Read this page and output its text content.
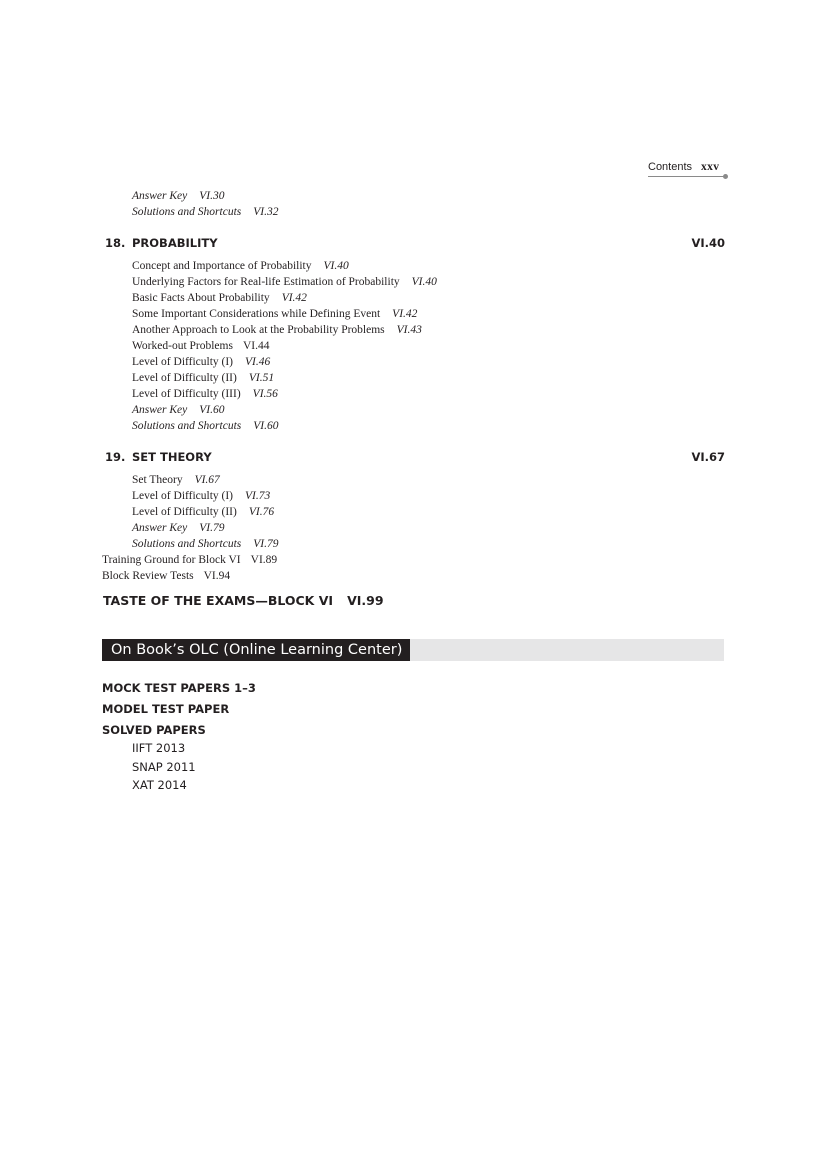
Contents xxv
Answer Key VI.30
Solutions and Shortcuts VI.32
18. PROBABILITY	VI.40
Concept and Importance of Probability VI.40
Underlying Factors for Real-life Estimation of Probability VI.40
Basic Facts About Probability VI.42
Some Important Considerations while Defining Event VI.42
Another Approach to Look at the Probability Problems VI.43
Worked-out Problems VI.44
Level of Difficulty (I) VI.46
Level of Difficulty (II) VI.51
Level of Difficulty (III) VI.56
Answer Key VI.60
Solutions and Shortcuts VI.60
19. SET THEORY	VI.67
Set Theory VI.67
Level of Difficulty (I) VI.73
Level of Difficulty (II) VI.76
Answer Key VI.79
Solutions and Shortcuts VI.79
Training Ground for Block VI VI.89
Block Review Tests VI.94
TASTE OF THE EXAMS—BLOCK VI VI.99
On Book’s OLC (Online Learning Center)
MOCK TEST PAPERS 1–3
MODEL TEST PAPER
SOLVED PAPERS
IIFT 2013
SNAP 2011
XAT 2014
